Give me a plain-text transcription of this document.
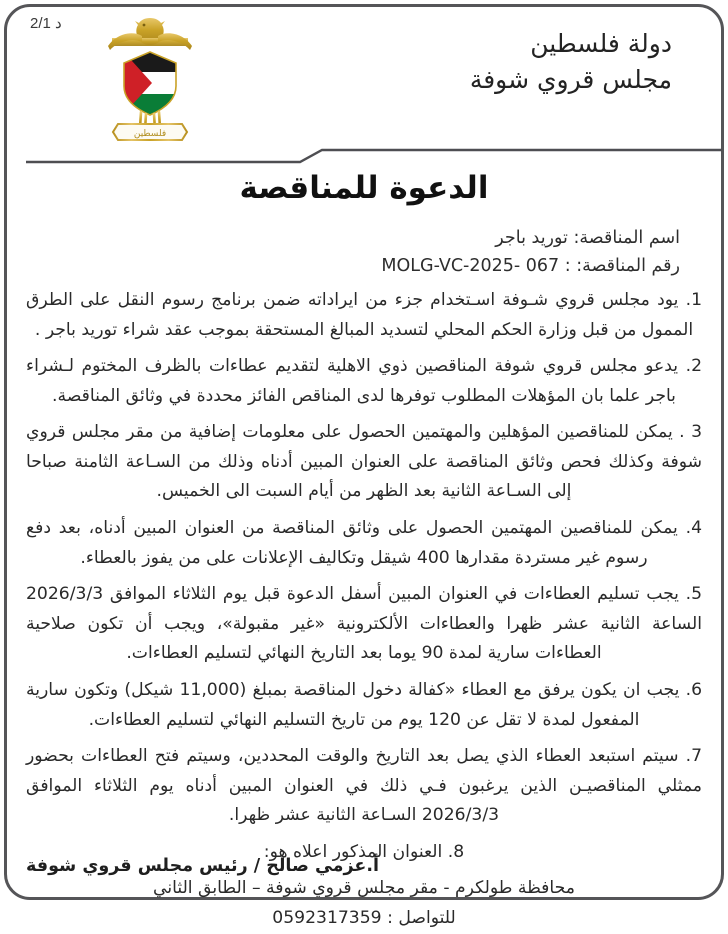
د 2/1
فلسطين
دولة فلسطين
مجلس قروي شوفة
الدعوة للمناقصة
اسم المناقصة: توريد باجر
رقم المناقصة: : MOLG-VC-2025- 067

1. يود مجلس قروي شـوفة اسـتخدام جزء من ايراداته ضمن برنامج رسوم النقل على الطرق الممول من قبل وزارة الحكم المحلي لتسديد المبالغ المستحقة بموجب عقد شراء توريد باجر .

2. يدعو مجلس قروي شوفة المناقصين ذوي الاهلية لتقديم عطاءات بالظرف المختوم لـشراء باجر علما بان المؤهلات المطلوب توفرها لدى المناقص الفائز محددة في وثائق المناقصة.

3 . يمكن للمناقصين المؤهلين والمهتمين الحصول على معلومات إضافية من مقر مجلس قروي شوفة وكذلك فحص وثائق المناقصة على العنوان المبين أدناه وذلك من السـاعة الثامنة صباحا إلى السـاعة الثانية بعد الظهر من أيام السبت الى الخميس.

4. يمكن للمناقصين المهتمين الحصول على وثائق المناقصة من العنوان المبين أدناه، بعد دفع رسوم غير مستردة مقدارها 400 شيقل وتكاليف الإعلانات على من يفوز بالعطاء.

5. يجب تسليم العطاءات في العنوان المبين أسفل الدعوة قبل يوم الثلاثاء الموافق 2026/3/3 الساعة الثانية عشر ظهرا والعطاءات الألكترونية «غير مقبولة»، ويجب أن تكون صلاحية العطاءات سارية لمدة 90 يوما بعد التاريخ النهائي لتسليم العطاءات.

6. يجب ان يكون يرفق مع العطاء «كفالة دخول المناقصة بمبلغ (11,000 شيكل) وتكون سارية المفعول لمدة لا تقل عن 120 يوم من تاريخ التسليم النهائي لتسليم العطاءات.

7. سيتم استبعد العطاء الذي يصل بعد التاريخ والوقت المحددين، وسيتم فتح العطاءات بحضور ممثلي المناقصيـن الذين يرغبون فـي ذلك في العنوان المبين أدناه يوم الثلاثاء الموافق 2026/3/3 السـاعة الثانية عشر ظهرا.

8. العنوان المذكور اعلاه هو:

محافظة طولكرم - مقر مجلس قروي شوفة – الطابق الثاني
للتواصل : 0592317359
أ.عزمي صالح / رئيس مجلس قروي شوفة
